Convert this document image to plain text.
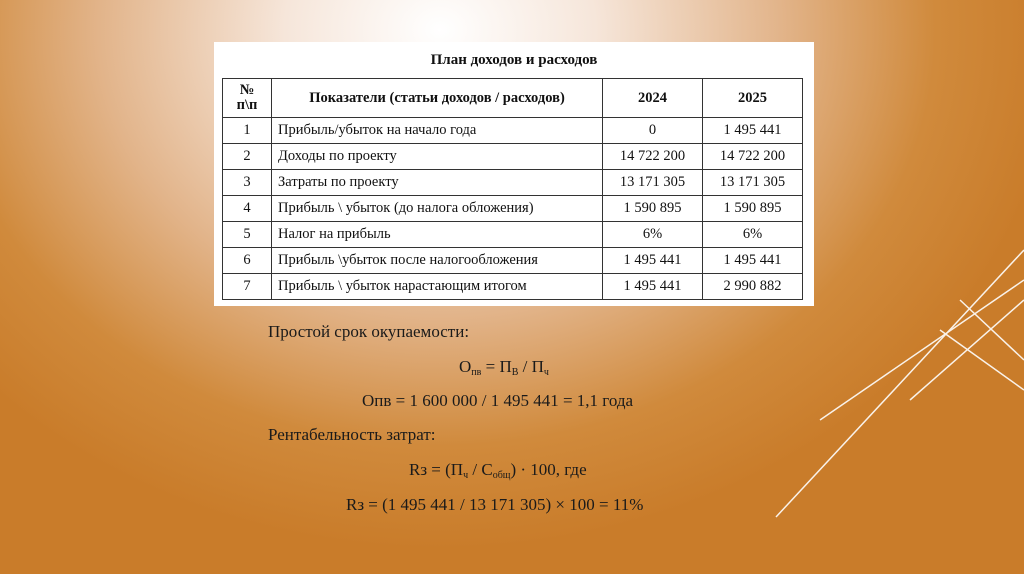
План доходов и расходов
№ п\п	Показатели (статьи доходов / расходов)	2024	2025
1	Прибыль/убыток на начало года	0	1 495 441
2	Доходы по проекту	14 722 200	14 722 200
3	Затраты по проекту	13 171 305	13 171 305
4	Прибыль \ убыток (до налога обложения)	1 590 895	1 590 895
5	Налог на прибыль	6%	6%
6	Прибыль \убыток после налогообложения	1 495 441	1 495 441
7	Прибыль \ убыток нарастающим итогом	1 495 441	2 990 882
Простой срок окупаемости:
$О_{пв} = П_В / П_ч$
Опв = 1 600 000 / 1 495 441 = 1,1 года
Рентабельность затрат:
Rз = $(П_ч / С_{общ}) \cdot 100$, где
Rз = (1 495 441 / 13 171 305) × 100 = 11%
